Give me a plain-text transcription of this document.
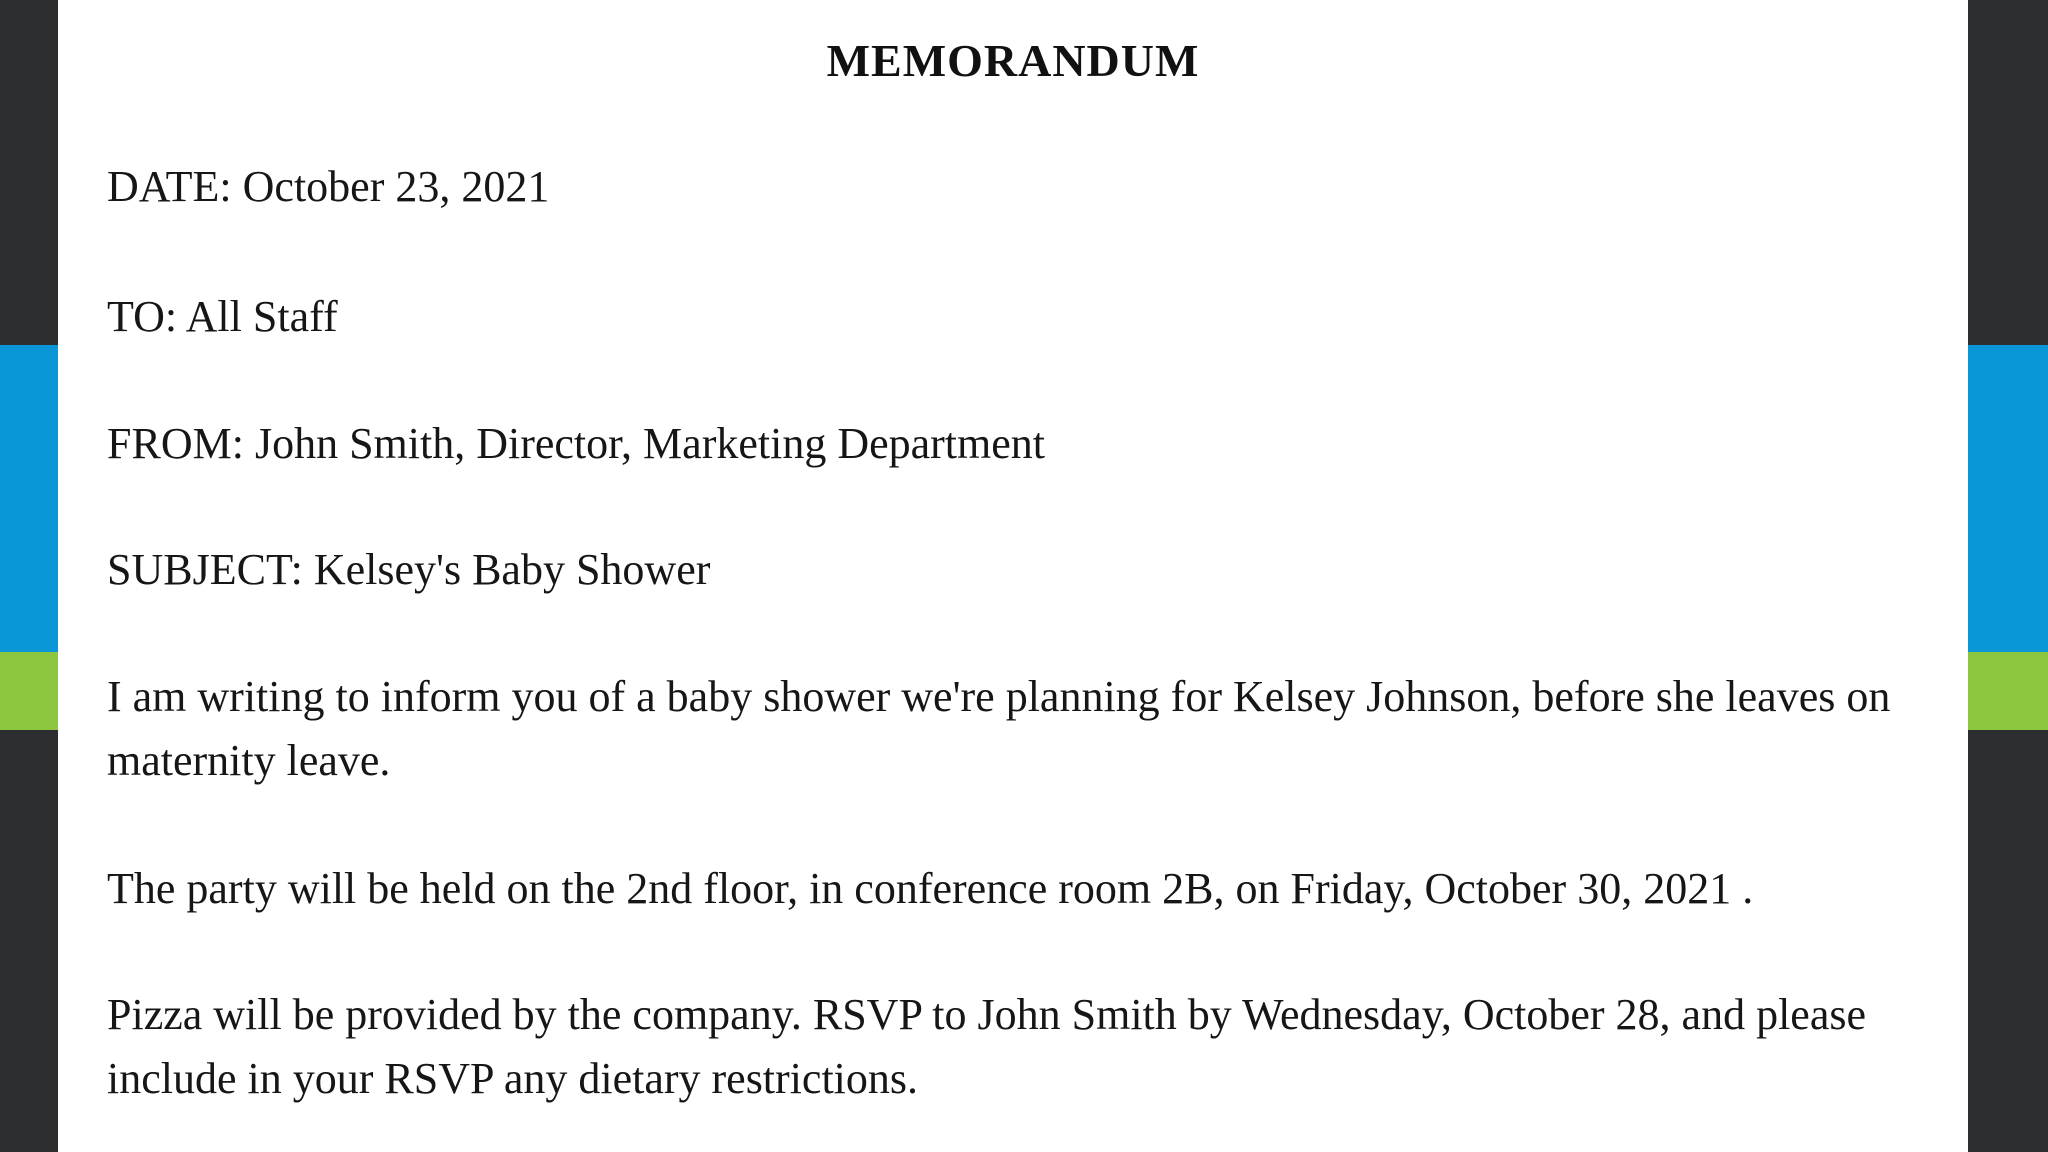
MEMORANDUM

DATE: October 23, 2021

TO: All Staff

FROM: John Smith, Director, Marketing Department

SUBJECT: Kelsey's Baby Shower

I am writing to inform you of a baby shower we're planning for Kelsey Johnson, before she leaves on maternity leave.

The party will be held on the 2nd floor, in conference room 2B, on Friday, October 30, 2021 .

Pizza will be provided by the company. RSVP to John Smith by Wednesday, October 28, and please include in your RSVP any dietary restrictions.
